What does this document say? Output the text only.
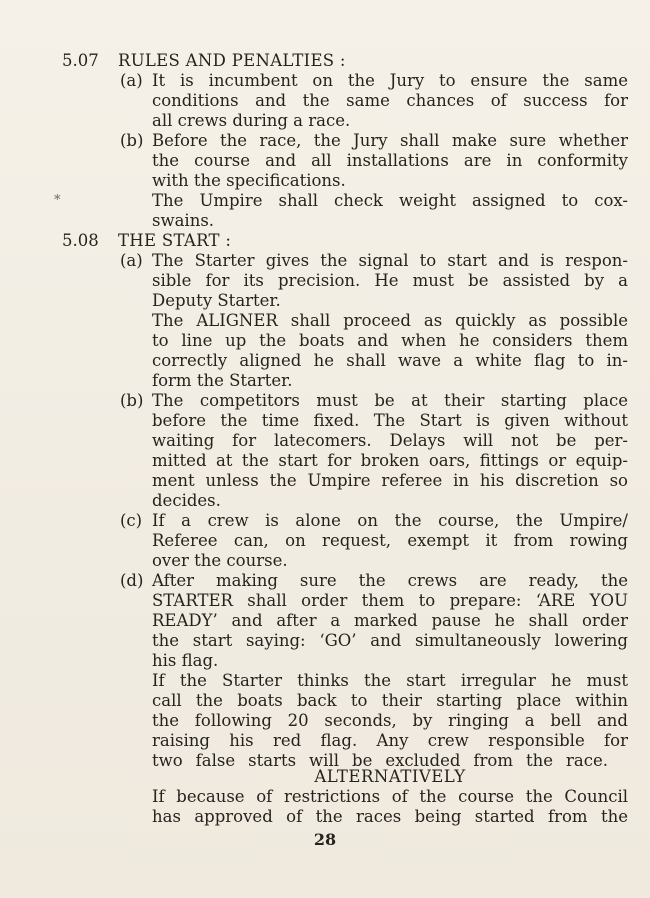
5.07 RULES AND PENALTIES :
(a) It is incumbent on the Jury to ensure the same
conditions and the same chances of success for
all crews during a race.
(b) Before the race, the Jury shall make sure whether
the course and all installations are in conformity
with the specifications.
*	The Umpire shall check weight assigned to cox-
swains.
5.08 THE START :
(a) The Starter gives the signal to start and is respon-
sible for its precision. He must be assisted by a
Deputy Starter.
The ALIGNER shall proceed as quickly as possible
to line up the boats and when he considers them
correctly aligned he shall wave a white flag to in-
form the Starter.
(b) The competitors must be at their starting place
before the time fixed. The Start is given without
waiting for latecomers. Delays will not be per-
mitted at the start for broken oars, fittings or equip-
ment unless the Umpire referee in his discretion so
decides.
(c) If a crew is alone on the course, the Umpire/
Referee can, on request, exempt it from rowing
over the course.
(d) After making sure the crews are ready, the
STARTER shall order them to prepare: ‘ARE YOU
READY’ and after a marked pause he shall order
the start saying: ‘GO’ and simultaneously lowering
his flag.
If the Starter thinks the start irregular he must
call the boats back to their starting place within
the following 20 seconds, by ringing a bell and
raising his red flag. Any crew responsible for
two false starts will be excluded from the race.
ALTERNATIVELY
If because of restrictions of the course the Council
has approved of the races being started from the
28
